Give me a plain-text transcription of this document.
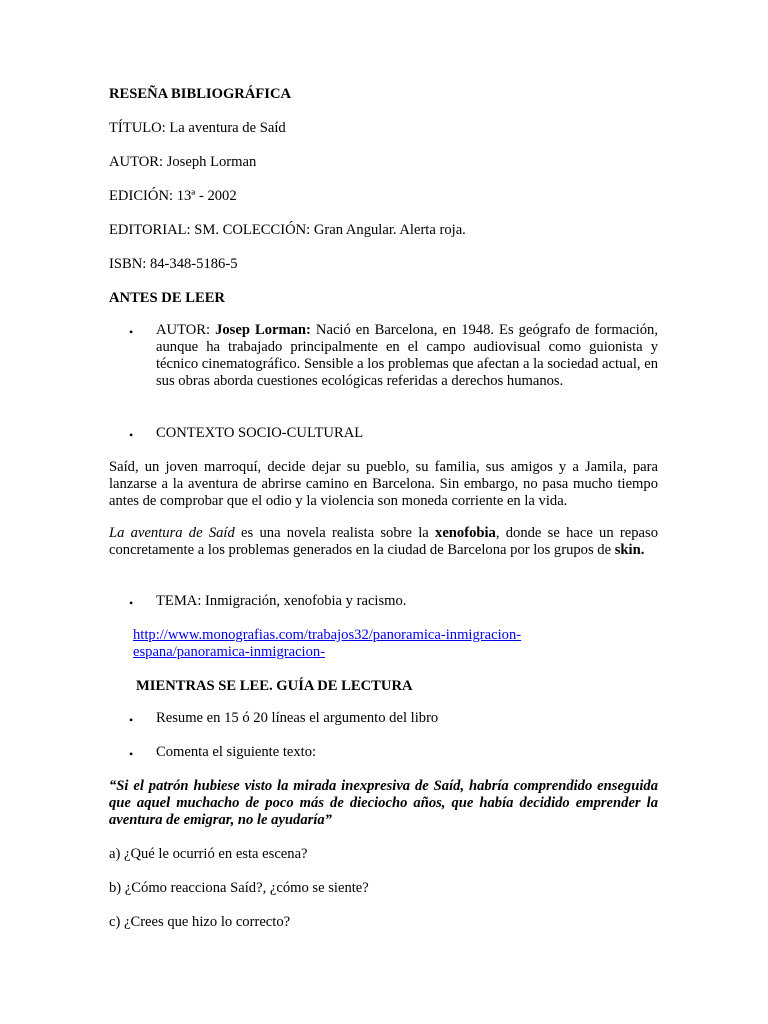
RESEÑA BIBLIOGRÁFICA

TÍTULO: La aventura de Saíd

AUTOR: Joseph Lorman

EDICIÓN: 13ª - 2002

EDITORIAL: SM. COLECCIÓN: Gran Angular. Alerta roja.

ISBN: 84-348-5186-5

ANTES DE LEER

•	AUTOR: Josep Lorman: Nació en Barcelona, en 1948. Es geógrafo de formación, aunque ha trabajado principalmente en el campo audiovisual como guionista y técnico cinematográfico. Sensible a los problemas que afectan a la sociedad actual, en sus obras aborda cuestiones ecológicas referidas a derechos humanos.

•	CONTEXTO SOCIO-CULTURAL

Saíd, un joven marroquí, decide dejar su pueblo, su familia, sus amigos y a Jamila, para lanzarse a la aventura de abrirse camino en Barcelona. Sin embargo, no pasa mucho tiempo antes de comprobar que el odio y la violencia son moneda corriente en la vida.

La aventura de Saíd es una novela realista sobre la xenofobia, donde se hace un repaso concretamente a los problemas generados en la ciudad de Barcelona por los grupos de skin.

•	TEMA: Inmigración, xenofobia y racismo.

http://www.monografias.com/trabajos32/panoramica-inmigracion-
espana/panoramica-inmigracion-

MIENTRAS SE LEE. GUÍA DE LECTURA

•	Resume en 15 ó 20 líneas el argumento del libro

•	Comenta el siguiente texto:

“Si el patrón hubiese visto la mirada inexpresiva de Saíd, habría comprendido enseguida que aquel muchacho de poco más de dieciocho años, que había decidido emprender la aventura de emigrar, no le ayudaría”

a) ¿Qué le ocurrió en esta escena?

b) ¿Cómo reacciona Saíd?, ¿cómo se siente?

c) ¿Crees que hizo lo correcto?
